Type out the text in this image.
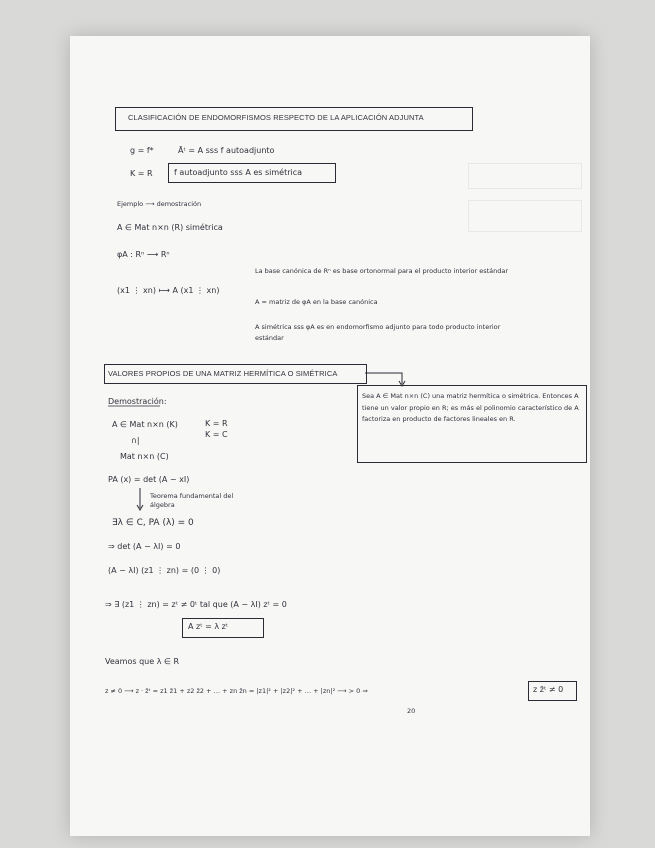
CLASIFICACIÓN DE ENDOMORFISMOS RESPECTO DE LA APLICACIÓN ADJUNTA
g = f*	Āᵗ = A sss f autoadjunto
K = R	f autoadjunto sss A es simétrica
Ejemplo ⟶ demostración
A ∈ Mat n×n (R) simétrica
φA : Rⁿ ⟶ Rⁿ
(x1 ⋮ xn) ⟼ A (x1 ⋮ xn)
La base canónica de Rⁿ es base ortonormal para el producto interior estándar
A = matriz de φA en la base canónica
A simétrica sss φA es en endomorfismo adjunto para todo producto interior estándar
VALORES PROPIOS DE UNA MATRIZ HERMÍTICA O SIMÉTRICA
Sea A ∈ Mat n×n (C) una matriz hermítica o simétrica. Entonces A tiene un valor propio en R; es más el polinomio característico de A factoriza en producto de factores lineales en R.
Demostración:
A ∈ Mat n×n (K)	K = R
K = C
∩|
Mat n×n (C)
PA (x) = det (A − xI)
Teorema fundamental del álgebra
∃λ ∈ C, PA (λ) = 0
⇒ det (A − λI) = 0
(A − λI) (z1 ⋮ zn) = (0 ⋮ 0)
⇒ ∃ (z1 ⋮ zn) = zᵗ ≠ 0ᵗ tal que (A − λI) zᵗ = 0
A zᵗ = λ zᵗ
Veamos que λ ∈ R
z ≠ 0 ⟶ z · z̄ᵗ = z1 z̄1 + z2 z̄2 + … + zn z̄n = |z1|² + |z2|² + … + |zn|² ⟶ > 0 ⇒	z z̄ᵗ ≠ 0
20
